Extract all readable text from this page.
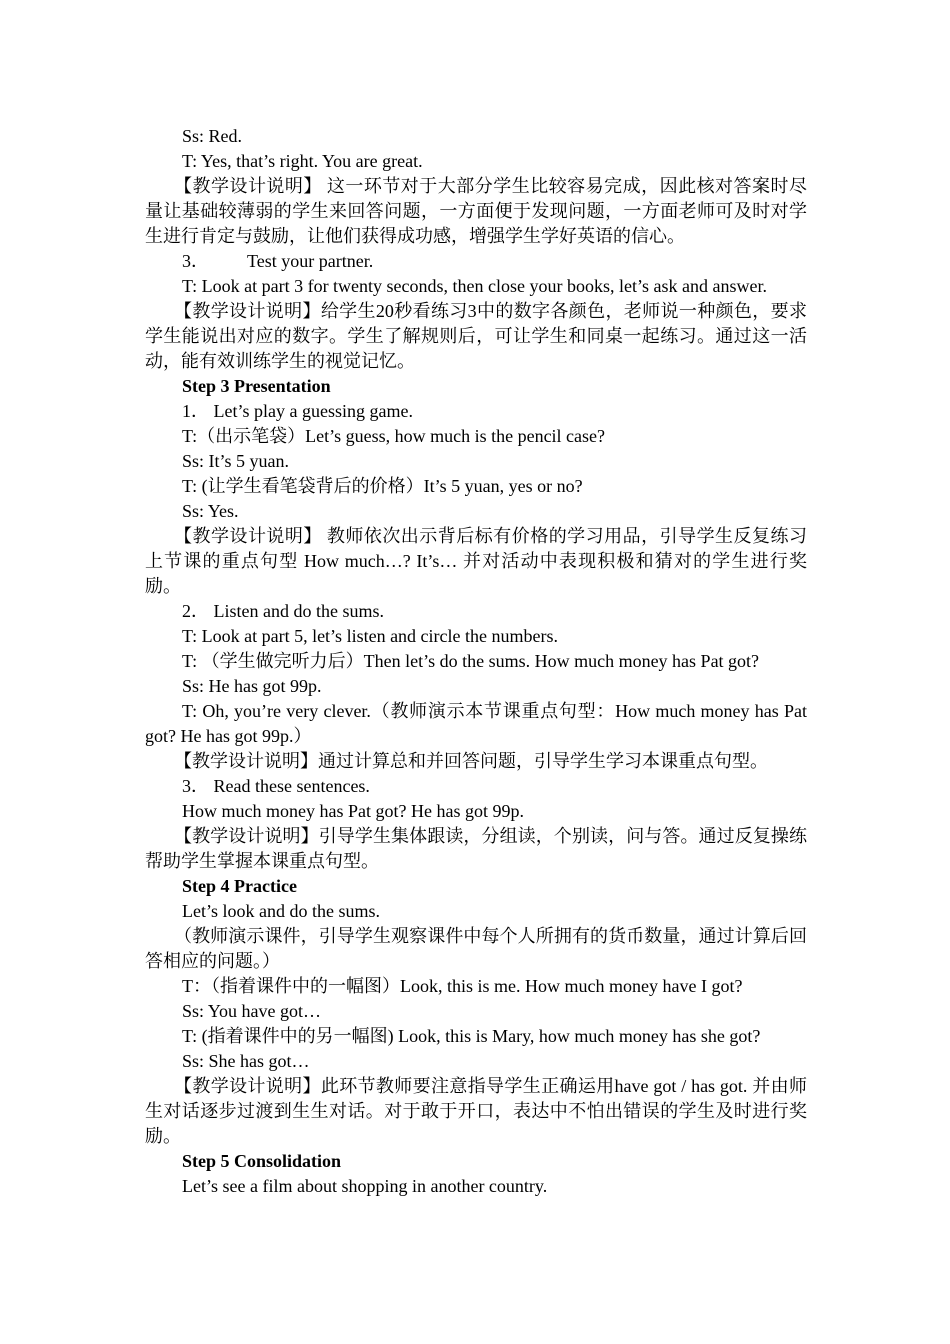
Ss: Red.

T: Yes, that’s right. You are great.

【教学设计说明】 这一环节对于大部分学生比较容易完成，因此核对答案时尽量让基础较薄弱的学生来回答问题，一方面便于发现问题，一方面老师可及时对学生进行肯定与鼓励，让他们获得成功感，增强学生学好英语的信心。

3． Test your partner.

T: Look at part 3 for twenty seconds, then close your books, let’s ask and answer.

【教学设计说明】给学生20秒看练习3中的数字各颜色，老师说一种颜色，要求学生能说出对应的数字。学生了解规则后，可让学生和同桌一起练习。通过这一活动，能有效训练学生的视觉记忆。

Step 3 Presentation

1． Let’s play a guessing game.

T:（出示笔袋）Let’s guess, how much is the pencil case?

Ss: It’s 5 yuan.

T: (让学生看笔袋背后的价格）It’s 5 yuan, yes or no?

Ss: Yes.

【教学设计说明】 教师依次出示背后标有价格的学习用品，引导学生反复练习上节课的重点句型 How much…? It’s… 并对活动中表现积极和猜对的学生进行奖励。

2． Listen and do the sums.

T: Look at part 5, let’s listen and circle the numbers.

T: （学生做完听力后）Then let’s do the sums. How much money has Pat got?

Ss: He has got 99p.

T: Oh, you’re very clever.（教师演示本节课重点句型：How much money has Pat got? He has got 99p.）

【教学设计说明】通过计算总和并回答问题，引导学生学习本课重点句型。

3． Read these sentences.

How much money has Pat got? He has got 99p.

【教学设计说明】引导学生集体跟读，分组读，个别读，问与答。通过反复操练帮助学生掌握本课重点句型。

Step 4 Practice

Let’s look and do the sums.

（教师演示课件，引导学生观察课件中每个人所拥有的货币数量，通过计算后回答相应的问题。）

T：（指着课件中的一幅图）Look, this is me. How much money have I got?

Ss: You have got…

T: (指着课件中的另一幅图) Look, this is Mary, how much money has she got?

Ss: She has got…

【教学设计说明】此环节教师要注意指导学生正确运用have got / has got. 并由师生对话逐步过渡到生生对话。对于敢于开口，表达中不怕出错误的学生及时进行奖励。

Step 5 Consolidation

Let’s see a film about shopping in another country.
